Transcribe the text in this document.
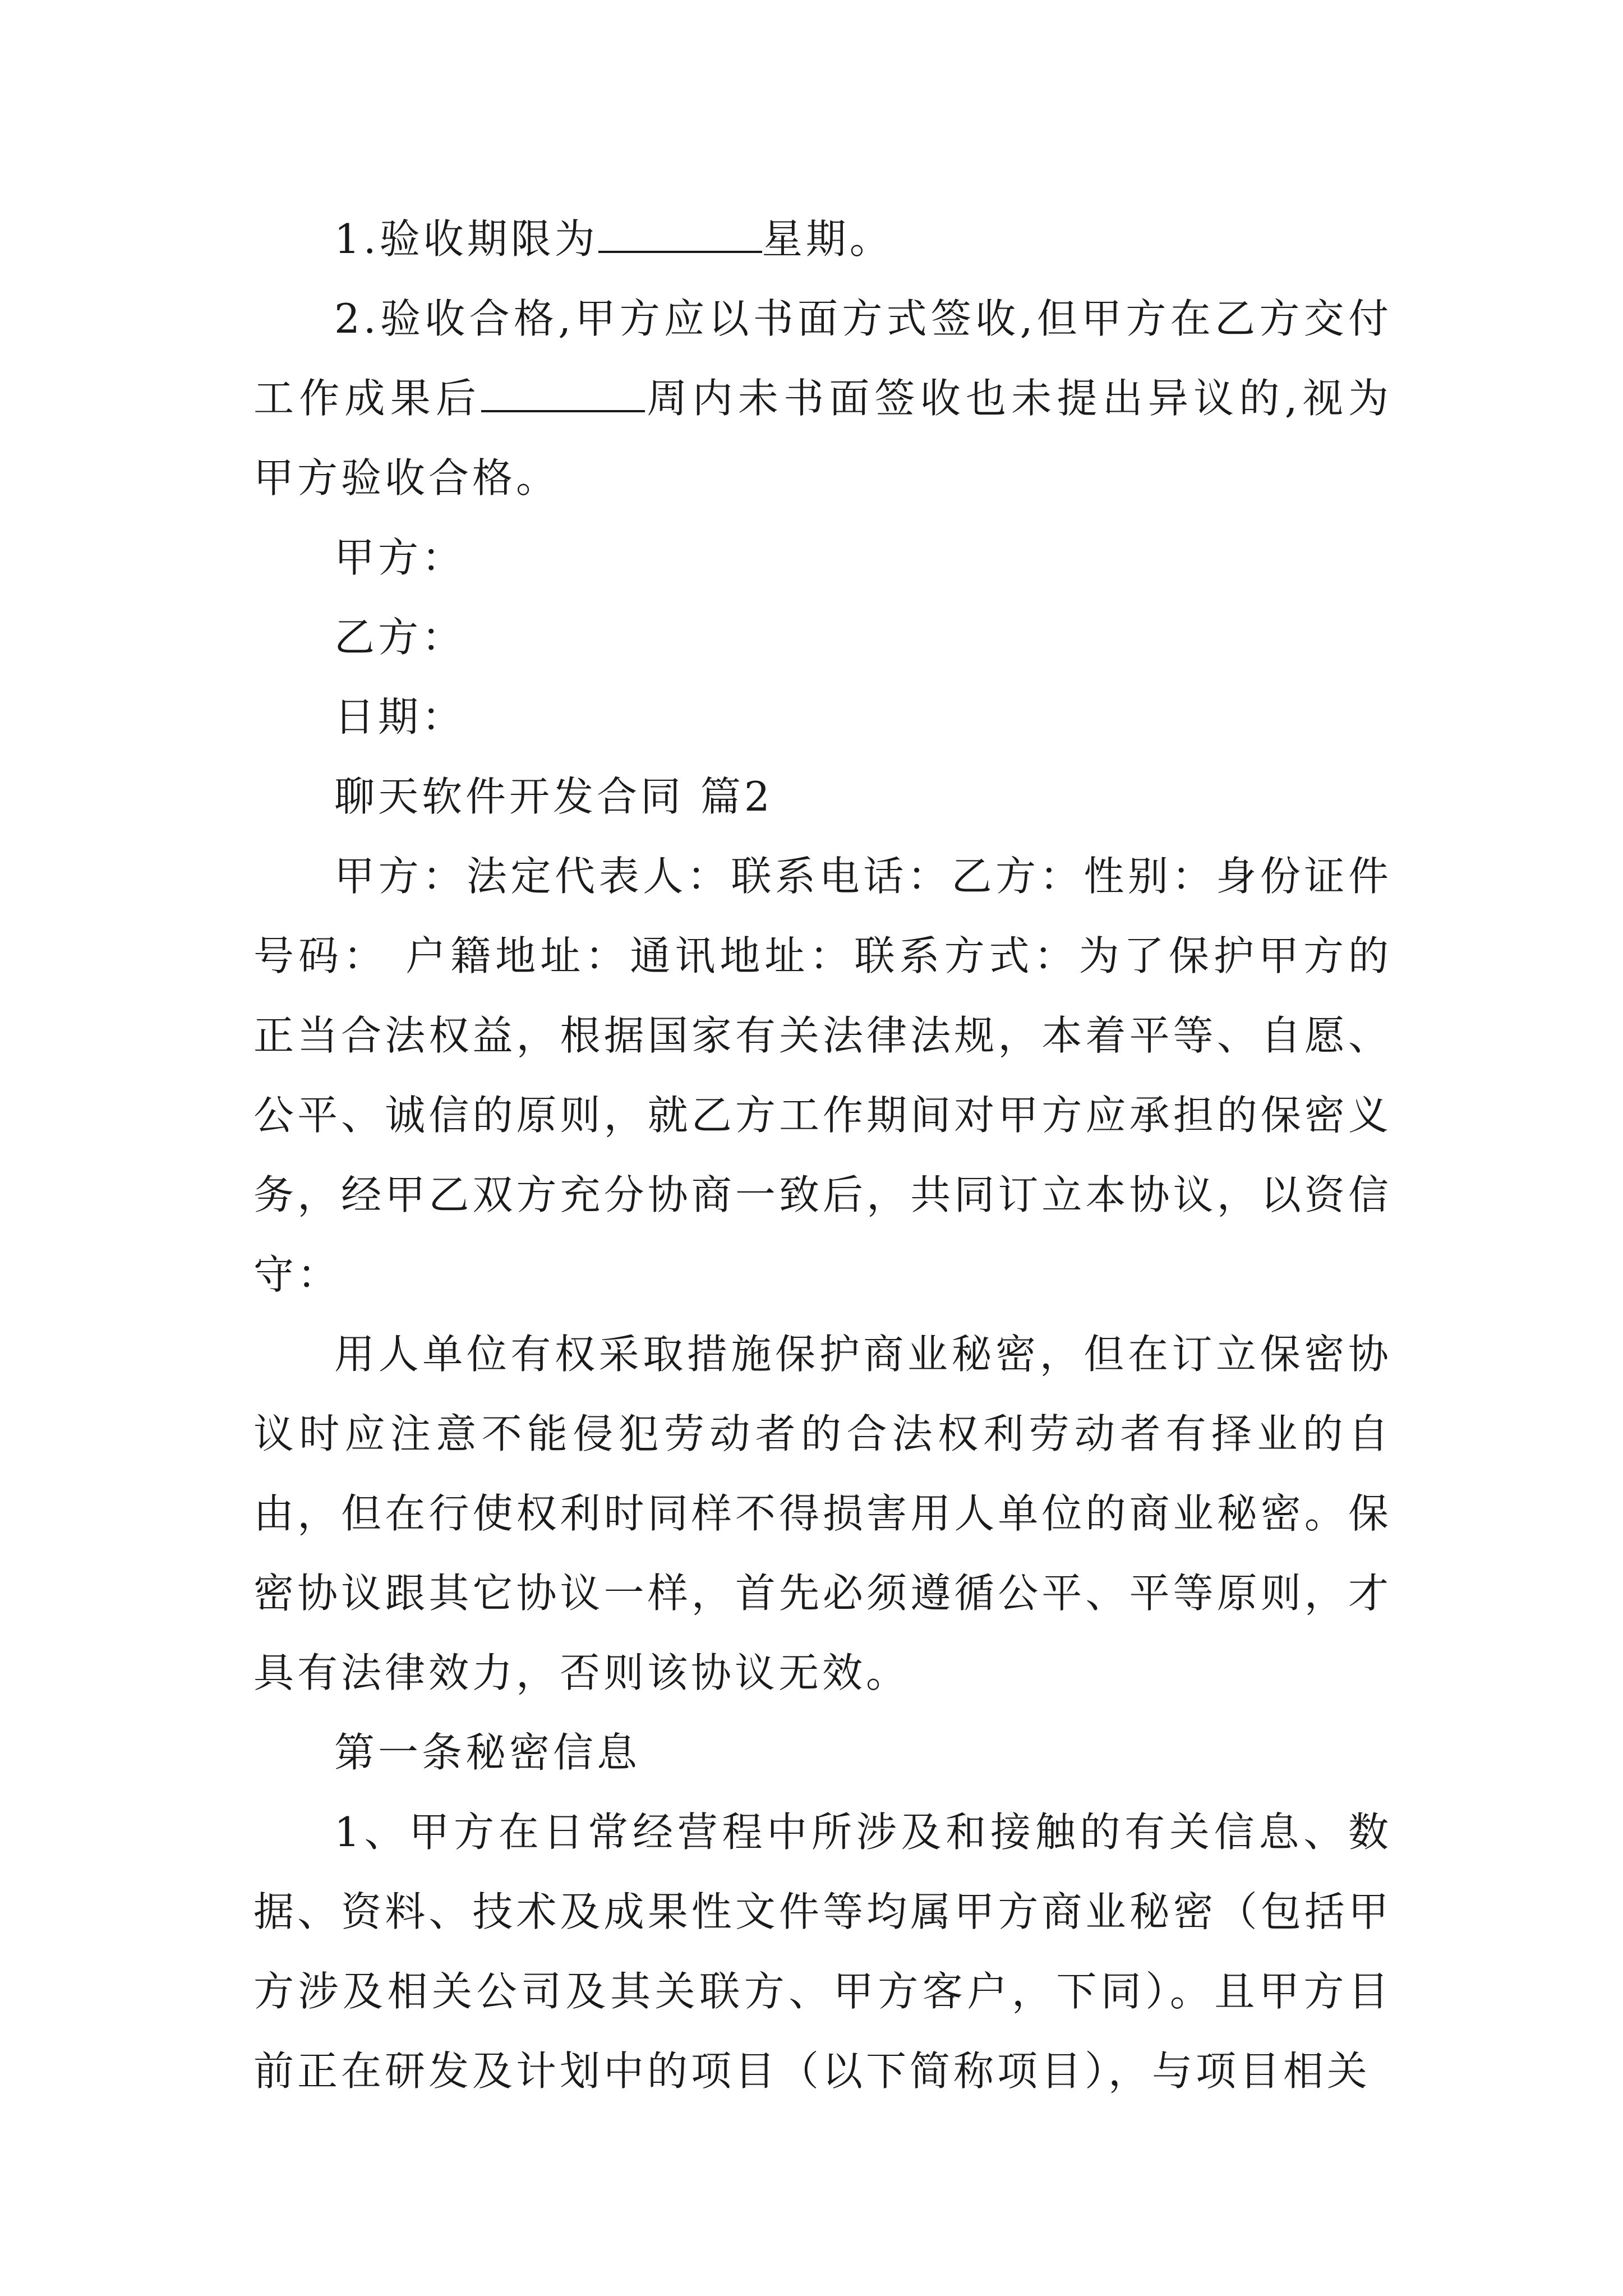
1.验收期限为	星期。

2.验收合格,甲方应以书面方式签收,但甲方在乙方交付工作成果后	周内未书面签收也未提出异议的,视为甲方验收合格。

甲方：

乙方：

日期：

聊天软件开发合同 篇2

甲方：法定代表人：联系电话：乙方：性别：身份证件号码： 户籍地址：通讯地址：联系方式：为了保护甲方的正当合法权益，根据国家有关法律法规，本着平等、自愿、公平、诚信的原则，就乙方工作期间对甲方应承担的保密义务，经甲乙双方充分协商一致后，共同订立本协议，以资信守：

用人单位有权采取措施保护商业秘密，但在订立保密协议时应注意不能侵犯劳动者的合法权利劳动者有择业的自由，但在行使权利时同样不得损害用人单位的商业秘密。保密协议跟其它协议一样，首先必须遵循公平、平等原则，才具有法律效力，否则该协议无效。

第一条秘密信息

1、甲方在日常经营程中所涉及和接触的有关信息、数据、资料、技术及成果性文件等均属甲方商业秘密（包括甲方涉及相关公司及其关联方、甲方客户，下同）。且甲方目前正在研发及计划中的项目（以下简称项目），与项目相关
